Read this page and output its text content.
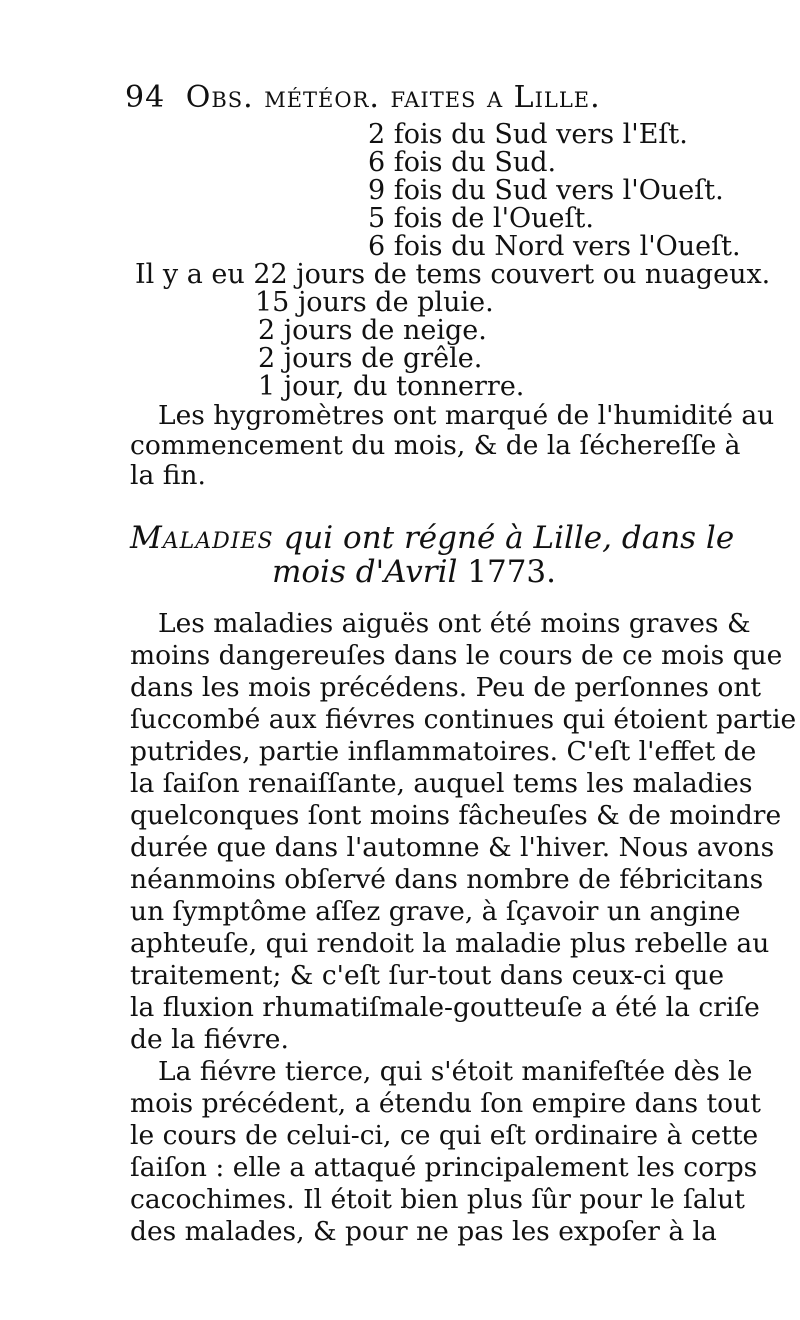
94 Obs. météor. faites a Lille.
2 fois du Sud vers l'Eſt.
6 fois du Sud.
9 fois du Sud vers l'Oueſt.
5 fois de l'Oueſt.
6 fois du Nord vers l'Oueſt.
Il y a eu 22 jours de tems couvert ou nuageux.
15 jours de pluie.
2 jours de neige.
2 jours de grêle.
1 jour, du tonnerre.
Les hygromètres ont marqué de l'humidité au
commencement du mois, & de la ſéchereſſe à
la fin.
Maladies qui ont régné à Lille, dans le
mois d'Avril 1773.
Les maladies aiguës ont été moins graves &
moins dangereuſes dans le cours de ce mois que
dans les mois précédens. Peu de perſonnes ont
ſuccombé aux fiévres continues qui étoient partie
putrides, partie inflammatoires. C'eſt l'effet de
la ſaiſon renaiſſante, auquel tems les maladies
quelconques ſont moins fâcheuſes & de moindre
durée que dans l'automne & l'hiver. Nous avons
néanmoins obſervé dans nombre de fébricitans
un ſymptôme aſſez grave, à ſçavoir un angine
aphteuſe, qui rendoit la maladie plus rebelle au
traitement; & c'eſt ſur-tout dans ceux-ci que
la fluxion rhumatiſmale-goutteuſe a été la criſe
de la fiévre.
La fiévre tierce, qui s'étoit manifeſtée dès le
mois précédent, a étendu ſon empire dans tout
le cours de celui-ci, ce qui eſt ordinaire à cette
ſaiſon : elle a attaqué principalement les corps
cacochimes. Il étoit bien plus ſûr pour le ſalut
des malades, & pour ne pas les expoſer à la
